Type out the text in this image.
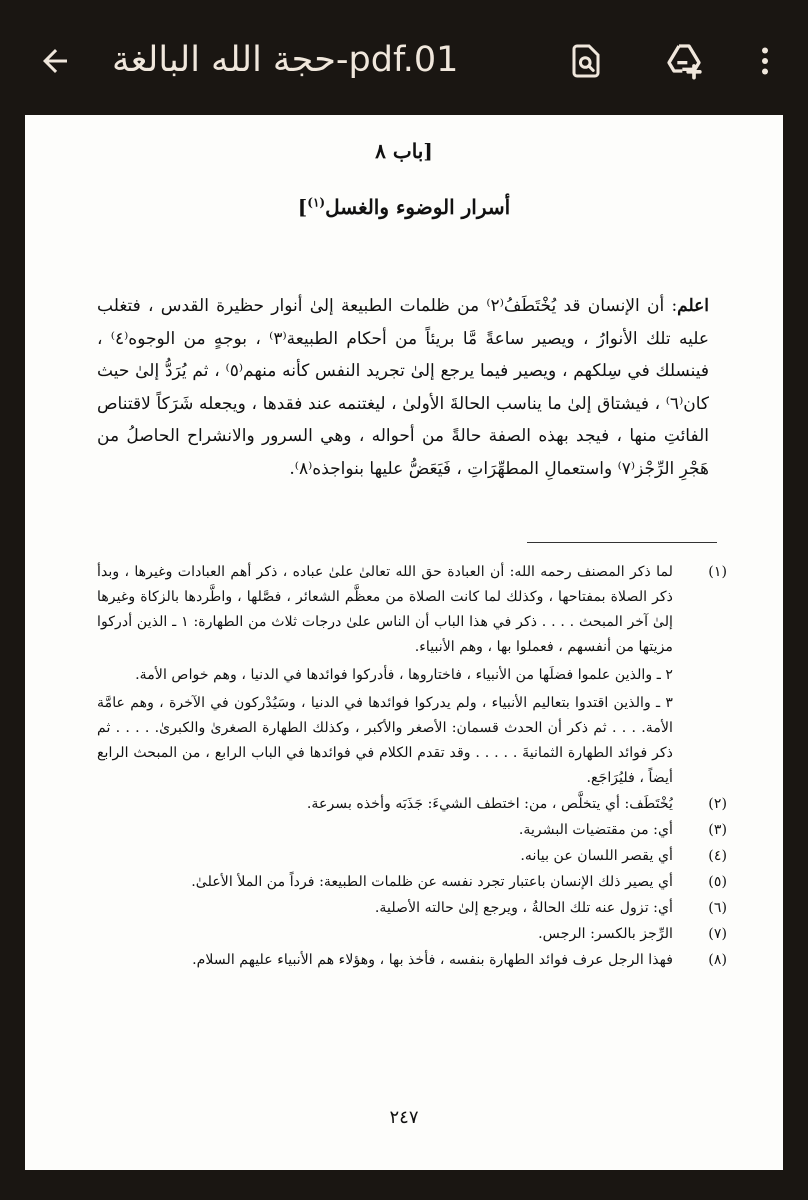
حجة الله البالغة-pdf.01
[باب ٨
أسرار الوضوء والغسل$^{(١)}$]
اعلم: أن الإنسان قد يُخْتَطَفُ⁽٢⁾ من ظلمات الطبيعة إلىٰ أنوار حظيرة القدس ، فتغلب عليه تلك الأنوارُ ، ويصير ساعةً مَّا بريئاً من أحكام الطبيعة⁽٣⁾ ، بوجهٍ من الوجوه⁽٤⁾ ، فينسلك في سِلكهم ، ويصير فيما يرجع إلىٰ تجريد النفس كأنه منهم⁽٥⁾ ، ثم يُرَدُّ إلىٰ حيث كان⁽٦⁾ ، فيشتاق إلىٰ ما يناسب الحالةَ الأولىٰ ، ليغتنمه عند فقدها ، ويجعله شَرَكاً لاقتناص الفائتِ منها ، فيجد بهذه الصفة حالةً من أحواله ، وهي السرور والانشراح الحاصلُ من هَجْرِ الرِّجْز⁽٧⁾ واستعمالِ المطهِّرَاتِ ، فَيَعَضُّ عليها بنواجذه⁽٨⁾.
(١)
لما ذكر المصنف رحمه الله: أن العبادة حق الله تعالىٰ علىٰ عباده ، ذكر أهم العبادات وغيرها ، وبدأ ذكر الصلاة بمفتاحها ، وكذلك لما كانت الصلاة من معظَّم الشعائر ، فصَّلها ، واطَّردها بالزكاة وغيرها إلىٰ آخر المبحث . . . . ذكر في هذا الباب أن الناس علىٰ درجات ثلاث من الطهارة: ١ ـ الذين أدركوا مزيتها من أنفسهم ، فعملوا بها ، وهم الأنبياء.
٢ ـ والذين علموا فضلَها من الأنبياء ، فاختاروها ، فأدركوا فوائدها في الدنيا ، وهم خواص الأمة.
٣ ـ والذين اقتدوا بتعاليم الأنبياء ، ولم يدركوا فوائدها في الدنيا ، وسَيُدْركون في الآخرة ، وهم عامَّة الأمة. . . . ثم ذكر أن الحدث قسمان: الأصغر والأكبر ، وكذلك الطهارة الصغرىٰ والكبرىٰ. . . . . ثم ذكر فوائد الطهارة الثمانيةَ . . . . . وقد تقدم الكلام في فوائدها في الباب الرابع ، من المبحث الرابع أيضاً ، فليُرَاجَع.
(٢)
يُخْتَطَف: أي يتخلَّص ، من: اختطف الشيءَ: جَذَبَه وأخذه بسرعة.
(٣)
أي: من مقتضيات البشرية.
(٤)
أي يقصر اللسان عن بيانه.
(٥)
أي يصير ذلك الإنسان باعتبار تجرد نفسه عن ظلمات الطبيعة: فرداً من الملأ الأعلىٰ.
(٦)
أي: تزول عنه تلك الحالةُ ، ويرجع إلىٰ حالته الأصلية.
(٧)
الرِّجز بالكسر: الرجس.
(٨)
فهذا الرجل عرف فوائد الطهارة بنفسه ، فأخذ بها ، وهؤلاء هم الأنبياء عليهم السلام.
٢٤٧
